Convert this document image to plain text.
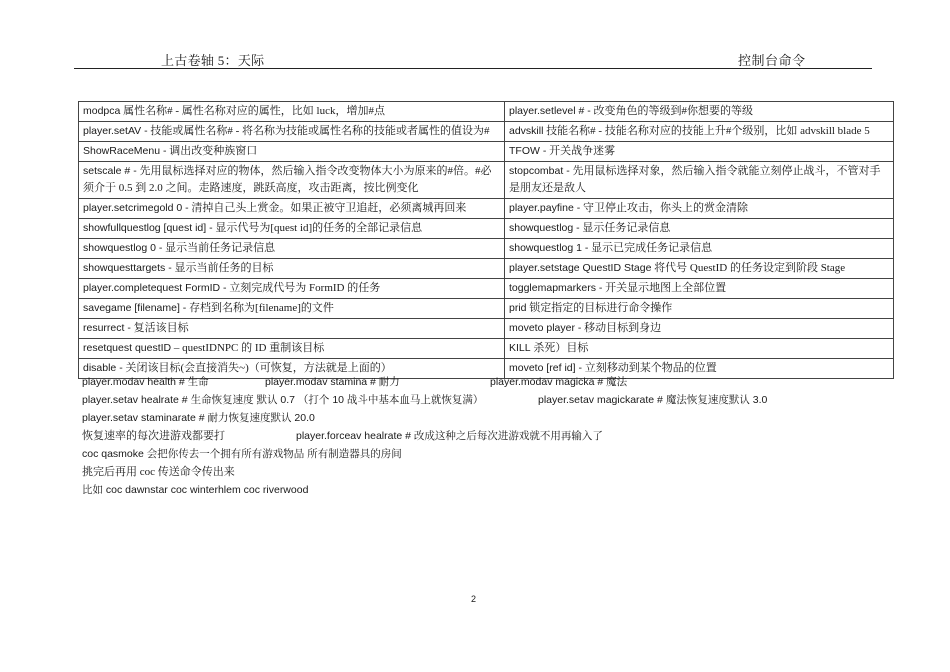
上古卷轴 5：天际	控制台命令
modpca 属性名称# - 属性名称对应的属性，比如 luck，增加#点	player.setlevel # - 改变角色的等级到#你想要的等级
player.setAV - 技能或属性名称# - 将名称为技能或属性名称的技能或者属性的值设为#	advskill 技能名称# - 技能名称对应的技能上升#个级别，比如 advskill blade 5
ShowRaceMenu - 调出改变种族窗口	TFOW - 开关战争迷雾
setscale # - 先用鼠标选择对应的物体，然后输入指令改变物体大小为原来的#倍。#必须介于 0.5 到 2.0 之间。走路速度，跳跃高度，攻击距离，按比例变化	stopcombat - 先用鼠标选择对象，然后输入指令就能立刻停止战斗，不管对手是朋友还是敌人
player.setcrimegold 0 - 清掉自己头上赏金。如果正被守卫追赶，必须离城再回来	player.payfine - 守卫停止攻击，你头上的赏金清除
showfullquestlog [quest id] - 显示代号为[quest id]的任务的全部记录信息	showquestlog - 显示任务记录信息
showquestlog 0 - 显示当前任务记录信息	showquestlog 1 - 显示已完成任务记录信息
showquesttargets - 显示当前任务的目标	player.setstage QuestID Stage 将代号 QuestID 的任务设定到阶段 Stage
player.completequest FormID - 立刻完成代号为 FormID 的任务	togglemapmarkers - 开关显示地图上全部位置
savegame [filename] - 存档到名称为[filename]的文件	prid 锁定指定的目标进行命令操作
resurrect - 复活该目标	moveto player - 移动目标到身边
resetquest questID – questIDNPC 的 ID 重制该目标	KILL 杀死）目标
disable - 关闭该目标(会直接消失~)（可恢复，方法就是上面的）	moveto [ref id] - 立刻移动到某个物品的位置
player.modav health # 生命	player.modav stamina # 耐力	player.modav magicka # 魔法
player.setav healrate # 生命恢复速度 默认 0.7 （打个 10 战斗中基本血马上就恢复满）	player.setav magickarate # 魔法恢复速度默认 3.0
player.setav staminarate # 耐力恢复速度默认 20.0
恢复速率的每次进游戏都要打	player.forceav healrate # 改成这种之后每次进游戏就不用再输入了
coc qasmoke 会把你传去一个拥有所有游戏物品 所有制造器具的房间
挑完后再用 coc 传送命令传出来
比如 coc dawnstar coc winterhlem coc riverwood
2
